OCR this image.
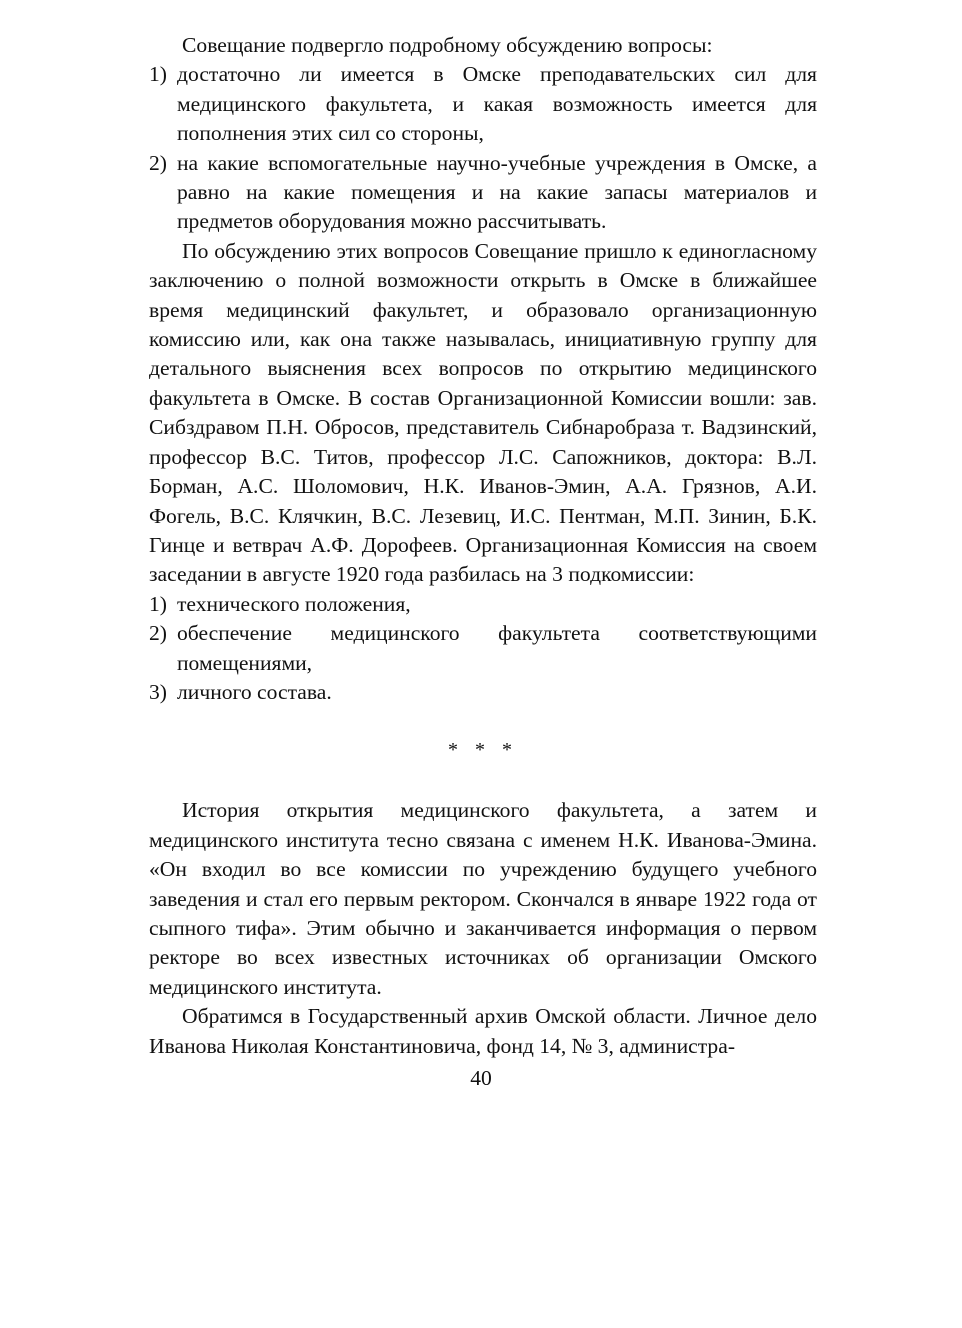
Совещание подвергло подробному обсуждению вопросы:

1) достаточно ли имеется в Омске преподавательских сил для медицинского факультета, и какая возможность имеется для пополнения этих сил со стороны,
2) на какие вспомогательные научно-учебные учреждения в Омске, а равно на какие помещения и на какие запасы материалов и предметов оборудования можно рассчитывать.

По обсуждению этих вопросов Совещание пришло к единогласному заключению о полной возможности открыть в Омске в ближайшее время медицинский факультет, и образовало организационную комиссию или, как она также называлась, инициативную группу для детального выяснения всех вопросов по открытию медицинского факультета в Омске. В состав Организационной Комиссии вошли: зав. Сибздравом П.Н. Обросов, представитель Сибнаробраза т. Вадзинский, профессор В.С. Титов, профессор Л.С. Сапожников, доктора: В.Л. Борман, А.С. Шоломович, Н.К. Иванов-Эмин, А.А. Грязнов, А.И. Фогель, В.С. Клячкин, В.С. Лезевиц, И.С. Пентман, М.П. Зинин, Б.К. Гинце и ветврач А.Ф. Дорофеев. Организационная Комиссия на своем заседании в августе 1920 года разбилась на 3 подкомиссии:

1) технического положения,
2) обеспечение медицинского факультета соответствующими помещениями,
3) личного состава.
* * *

История открытия медицинского факультета, а затем и медицинского института тесно связана с именем Н.К. Иванова-Эмина. «Он входил во все комиссии по учреждению будущего учебного заведения и стал его первым ректором. Скончался в январе 1922 года от сыпного тифа». Этим обычно и заканчивается информация о первом ректоре во всех известных источниках об организации Омского медицинского института.

Обратимся в Государственный архив Омской области. Личное дело Иванова Николая Константиновича, фонд 14, № 3, администра-

40
